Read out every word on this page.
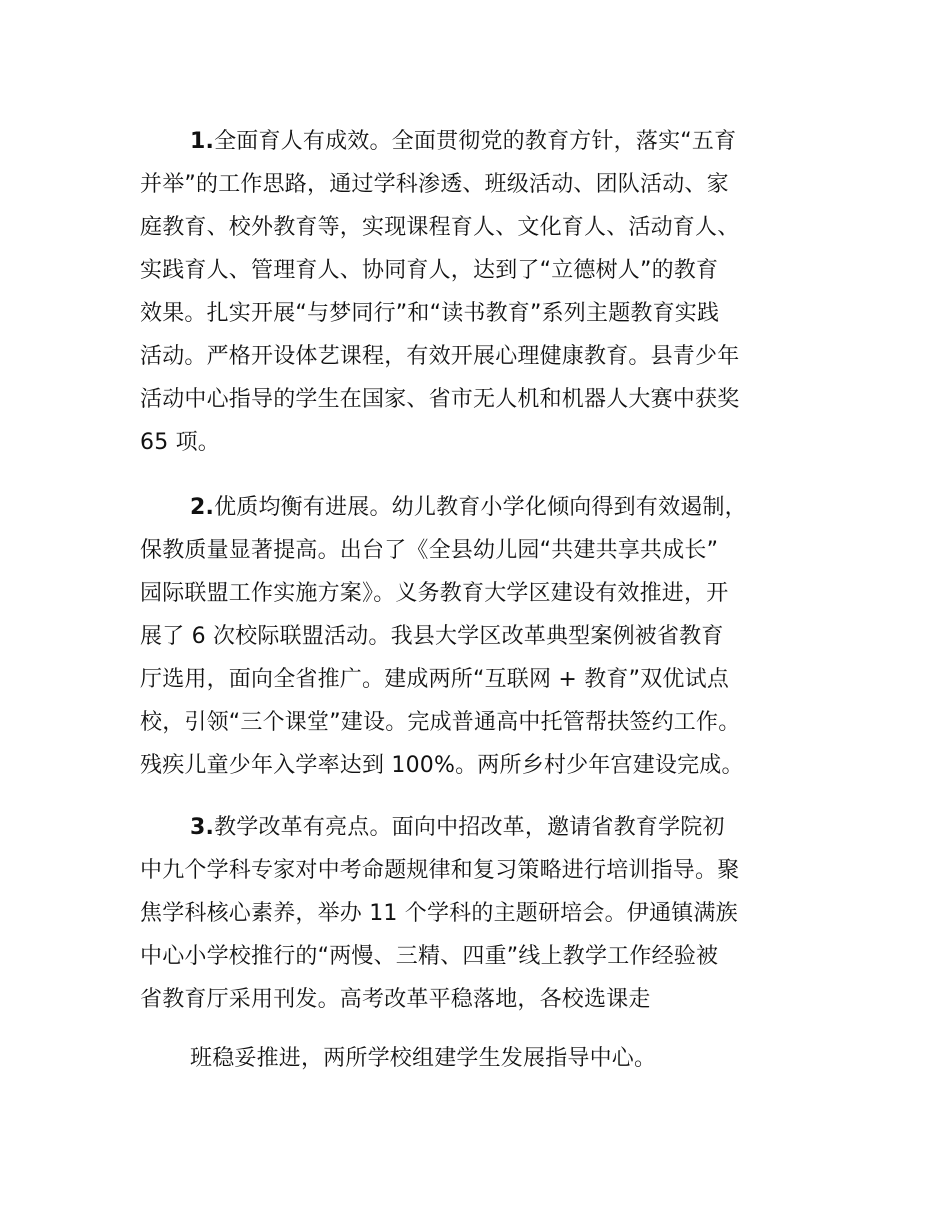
1.全面育人有成效。全面贯彻党的教育方针，落实“五育
并举”的工作思路，通过学科渗透、班级活动、团队活动、家
庭教育、校外教育等，实现课程育人、文化育人、活动育人、
实践育人、管理育人、协同育人，达到了“立德树人”的教育
效果。扎实开展“与梦同行”和“读书教育”系列主题教育实践
活动。严格开设体艺课程，有效开展心理健康教育。县青少年
活动中心指导的学生在国家、省市无人机和机器人大赛中获奖
65 项。
2.优质均衡有进展。幼儿教育小学化倾向得到有效遏制，
保教质量显著提高。出台了《全县幼儿园“共建共享共成长”
园际联盟工作实施方案》。义务教育大学区建设有效推进，开
展了 6 次校际联盟活动。我县大学区改革典型案例被省教育
厅选用，面向全省推广。建成两所“互联网 + 教育”双优试点
校，引领“三个课堂”建设。完成普通高中托管帮扶签约工作。
残疾儿童少年入学率达到 100%。两所乡村少年宫建设完成。
3.教学改革有亮点。面向中招改革，邀请省教育学院初
中九个学科专家对中考命题规律和复习策略进行培训指导。聚
焦学科核心素养，举办 11 个学科的主题研培会。伊通镇满族
中心小学校推行的“两慢、三精、四重”线上教学工作经验被
省教育厅采用刊发。高考改革平稳落地，各校选课走
班稳妥推进，两所学校组建学生发展指导中心。
